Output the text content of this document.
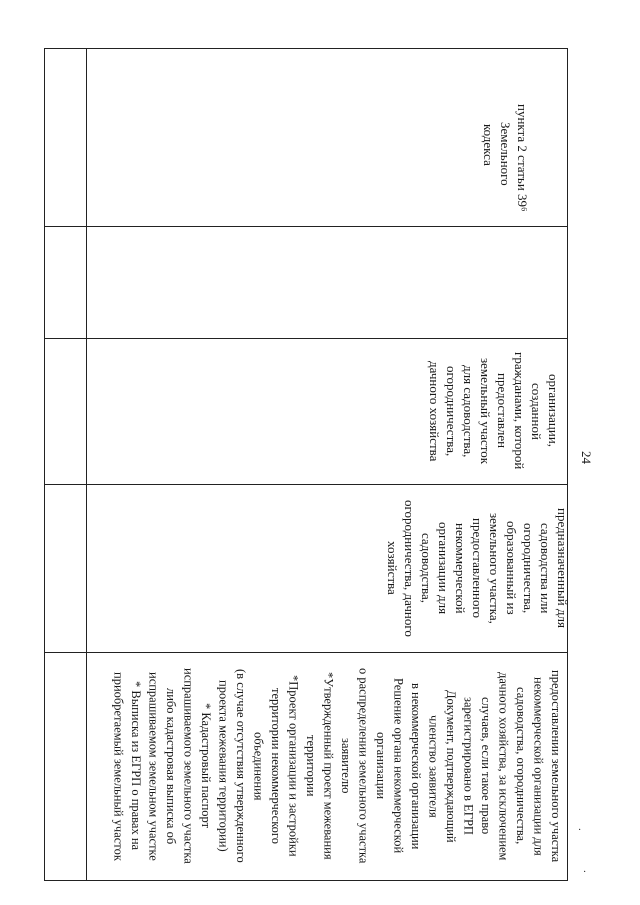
пункта 2 статьи 39⁶
Земельного
кодекса
организации,
созданной
гражданами, которой
предоставлен
земельный участок
для садоводства,
огородничества,
дачного хозяйства
предназначенный для
садоводства или
огородничества,
образованный из
земельного участка,
предоставленного
некоммерческой
организации для
садоводства,
огородничества, дачного
хозяйства
предоставлении земельного участка
некоммерческой организации для
садоводства, огородничества,
дачного хозяйства, за исключением
случаев, если такое право
зарегистрировано в ЕГРП
Документ, подтверждающий
членство заявителя
в некоммерческой организации
Решение органа некоммерческой
организации
о распределении земельного участка
заявителю
*Утвержденный проект межевания
территории
*Проект организации и застройки
территории некоммерческого
объединения
(в случае отсутствия утвержденного
проекта межевания территории)
* Кадастровый паспорт
испрашиваемого земельного участка
либо кадастровая выписка об
испрашиваемом земельном участке
* Выписка из ЕГРП о правах на
приобретаемый земельный участок
24
·
·
